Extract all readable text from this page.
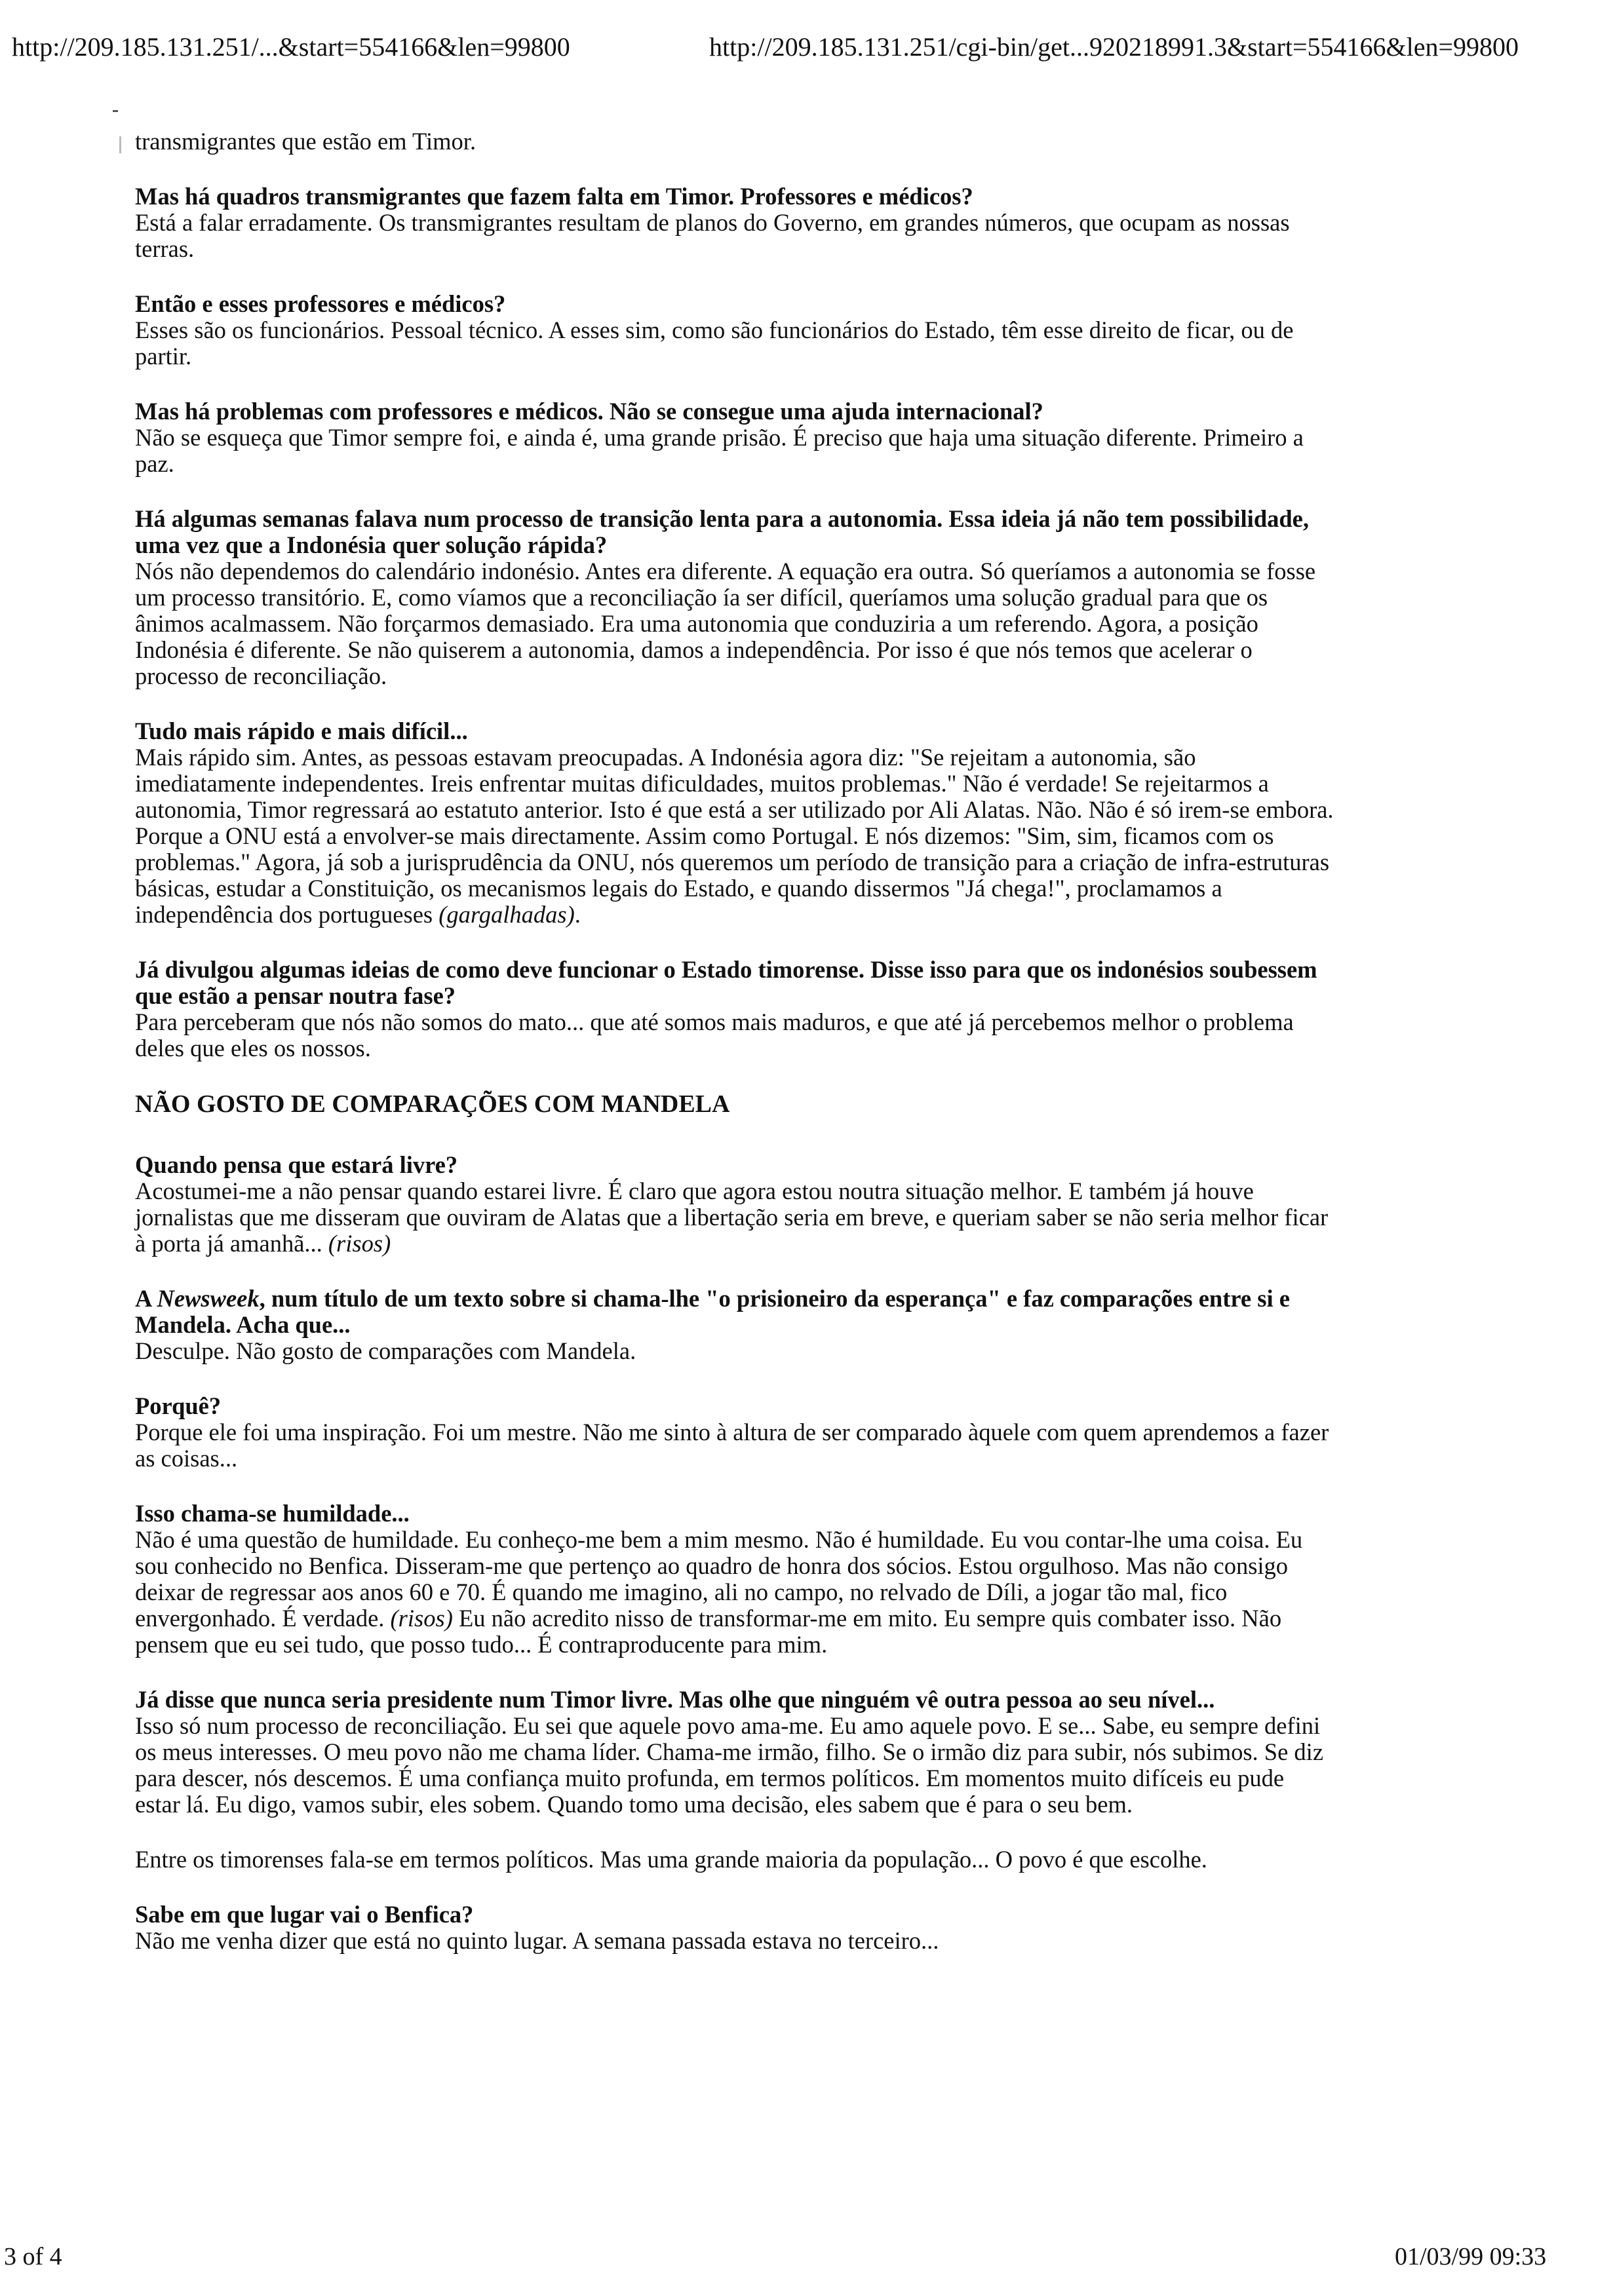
http://209.185.131.251/...&start=554166&len=99800	http://209.185.131.251/cgi-bin/get...920218991.3&start=554166&len=99800

transmigrantes que estão em Timor.

Mas há quadros transmigrantes que fazem falta em Timor. Professores e médicos?

Está a falar erradamente. Os transmigrantes resultam de planos do Governo, em grandes números, que ocupam as nossas terras.

Então e esses professores e médicos?

Esses são os funcionários. Pessoal técnico. A esses sim, como são funcionários do Estado, têm esse direito de ficar, ou de partir.

Mas há problemas com professores e médicos. Não se consegue uma ajuda internacional?

Não se esqueça que Timor sempre foi, e ainda é, uma grande prisão. É preciso que haja uma situação diferente. Primeiro a paz.

Há algumas semanas falava num processo de transição lenta para a autonomia. Essa ideia já não tem possibilidade, uma vez que a Indonésia quer solução rápida?

Nós não dependemos do calendário indonésio. Antes era diferente. A equação era outra. Só queríamos a autonomia se fosse um processo transitório. E, como víamos que a reconciliação ía ser difícil, queríamos uma solução gradual para que os ânimos acalmassem. Não forçarmos demasiado. Era uma autonomia que conduziria a um referendo. Agora, a posição Indonésia é diferente. Se não quiserem a autonomia, damos a independência. Por isso é que nós temos que acelerar o processo de reconciliação.

Tudo mais rápido e mais difícil...

Mais rápido sim. Antes, as pessoas estavam preocupadas. A Indonésia agora diz: "Se rejeitam a autonomia, são imediatamente independentes. Ireis enfrentar muitas dificuldades, muitos problemas." Não é verdade! Se rejeitarmos a autonomia, Timor regressará ao estatuto anterior. Isto é que está a ser utilizado por Ali Alatas. Não. Não é só irem-se embora. Porque a ONU está a envolver-se mais directamente. Assim como Portugal. E nós dizemos: "Sim, sim, ficamos com os problemas." Agora, já sob a jurisprudência da ONU, nós queremos um período de transição para a criação de infra-estruturas básicas, estudar a Constituição, os mecanismos legais do Estado, e quando dissermos "Já chega!", proclamamos a independência dos portugueses (gargalhadas).

Já divulgou algumas ideias de como deve funcionar o Estado timorense. Disse isso para que os indonésios soubessem que estão a pensar noutra fase?

Para perceberam que nós não somos do mato... que até somos mais maduros, e que até já percebemos melhor o problema deles que eles os nossos.

NÃO GOSTO DE COMPARAÇÕES COM MANDELA

Quando pensa que estará livre?

Acostumei-me a não pensar quando estarei livre. É claro que agora estou noutra situação melhor. E também já houve jornalistas que me disseram que ouviram de Alatas que a libertação seria em breve, e queriam saber se não seria melhor ficar à porta já amanhã... (risos)

A Newsweek, num título de um texto sobre si chama-lhe "o prisioneiro da esperança" e faz comparações entre si e Mandela. Acha que...

Desculpe. Não gosto de comparações com Mandela.

Porquê?

Porque ele foi uma inspiração. Foi um mestre. Não me sinto à altura de ser comparado àquele com quem aprendemos a fazer as coisas...

Isso chama-se humildade...

Não é uma questão de humildade. Eu conheço-me bem a mim mesmo. Não é humildade. Eu vou contar-lhe uma coisa. Eu sou conhecido no Benfica. Disseram-me que pertenço ao quadro de honra dos sócios. Estou orgulhoso. Mas não consigo deixar de regressar aos anos 60 e 70. É quando me imagino, ali no campo, no relvado de Díli, a jogar tão mal, fico envergonhado. É verdade. (risos) Eu não acredito nisso de transformar-me em mito. Eu sempre quis combater isso. Não pensem que eu sei tudo, que posso tudo... É contraproducente para mim.

Já disse que nunca seria presidente num Timor livre. Mas olhe que ninguém vê outra pessoa ao seu nível...

Isso só num processo de reconciliação. Eu sei que aquele povo ama-me. Eu amo aquele povo. E se... Sabe, eu sempre defini os meus interesses. O meu povo não me chama líder. Chama-me irmão, filho. Se o irmão diz para subir, nós subimos. Se diz para descer, nós descemos. É uma confiança muito profunda, em termos políticos. Em momentos muito difíceis eu pude estar lá. Eu digo, vamos subir, eles sobem. Quando tomo uma decisão, eles sabem que é para o seu bem.

Entre os timorenses fala-se em termos políticos. Mas uma grande maioria da população... O povo é que escolhe.

Sabe em que lugar vai o Benfica?

Não me venha dizer que está no quinto lugar. A semana passada estava no terceiro...

3 of 4	01/03/99 09:33
